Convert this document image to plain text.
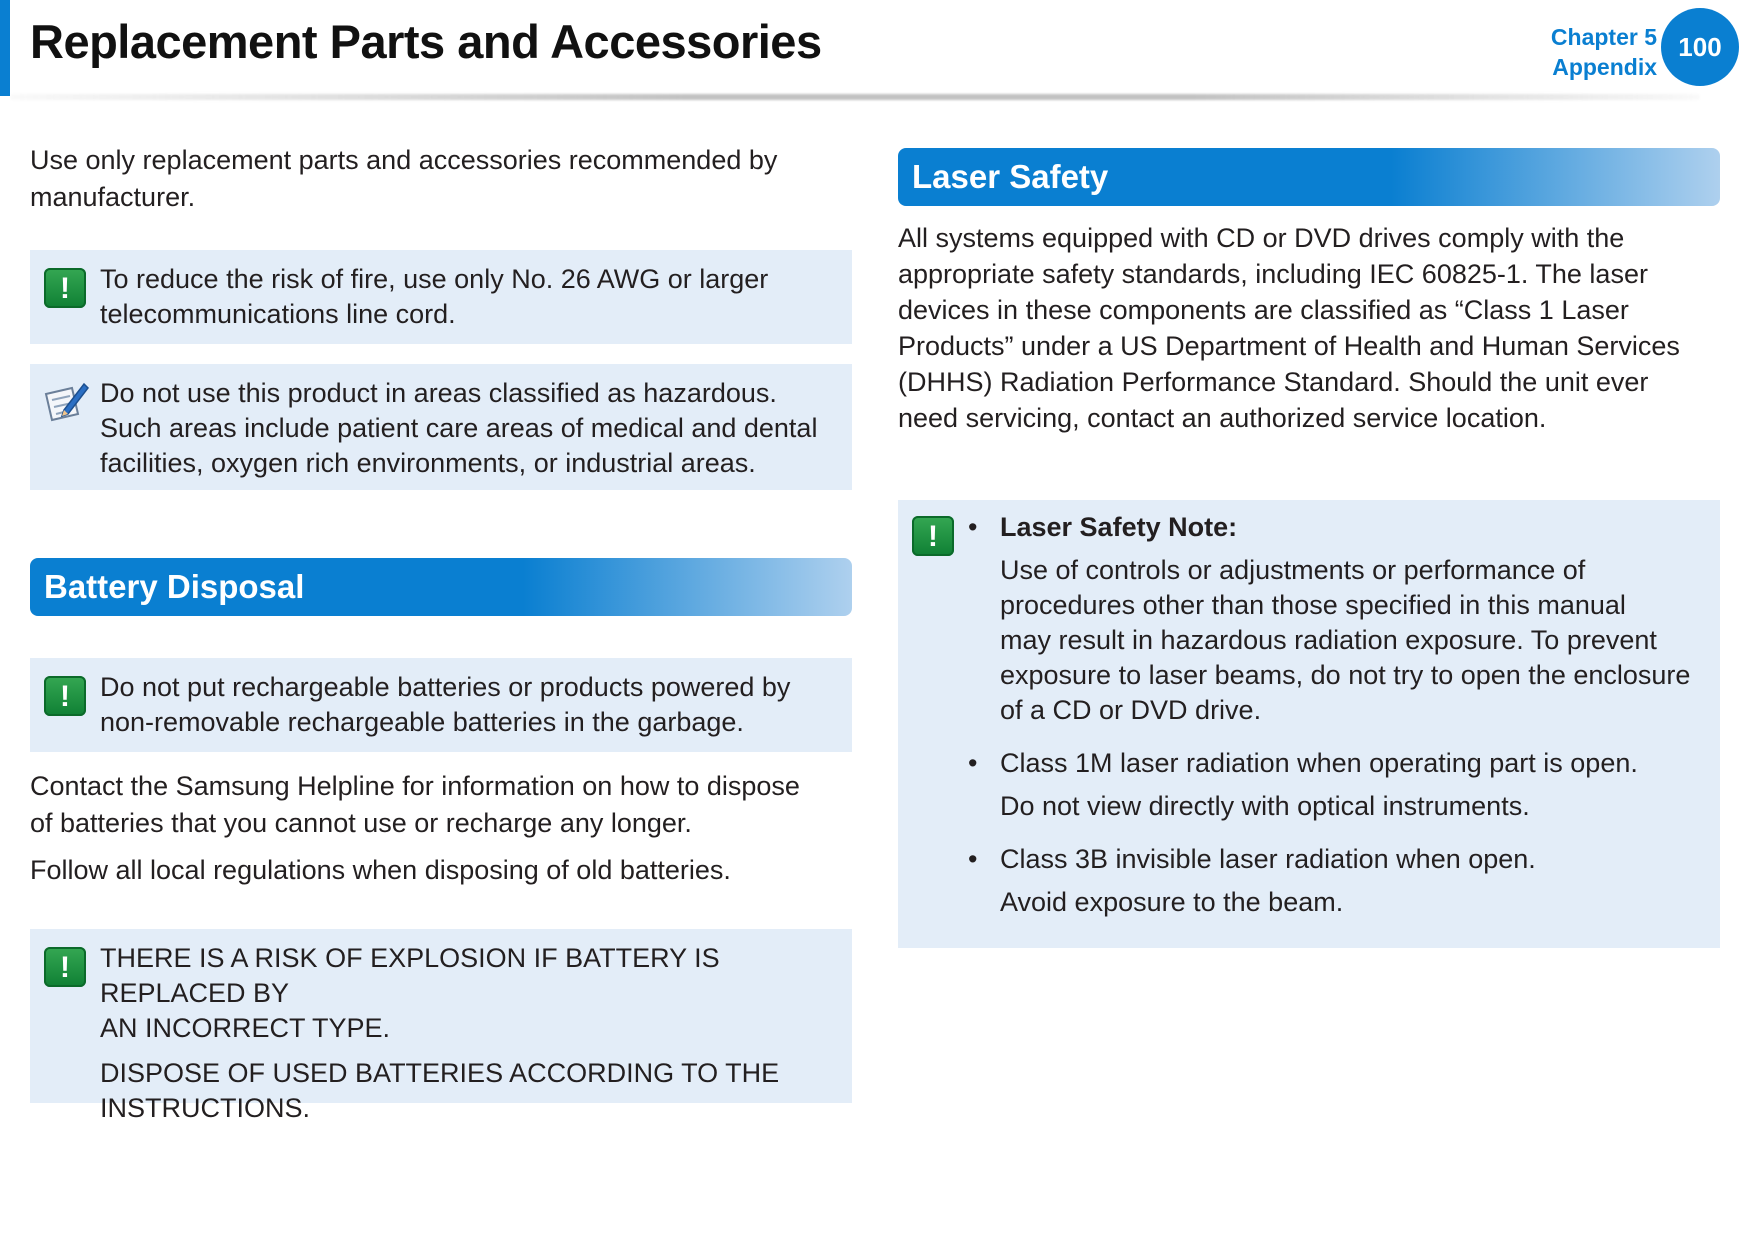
Replacement Parts and Accessories	Chapter 5
Appendix
100

Use only replacement parts and accessories recommended by manufacturer.

!	To reduce the risk of fire, use only No. 26 AWG or larger
telecommunications line cord.
Do not use this product in areas classified as hazardous.
Such areas include patient care areas of medical and dental
facilities, oxygen rich environments, or industrial areas.
Battery Disposal
!	Do not put rechargeable batteries or products powered by
non-removable rechargeable batteries in the garbage.
Contact the Samsung Helpline for information on how to dispose
of batteries that you cannot use or recharge any longer.

Follow all local regulations when disposing of old batteries.

!	THERE IS A RISK OF EXPLOSION IF BATTERY IS REPLACED BY
AN INCORRECT TYPE.
DISPOSE OF USED BATTERIES ACCORDING TO THE
INSTRUCTIONS.
Laser Safety
All systems equipped with CD or DVD drives comply with the
appropriate safety standards, including IEC 60825-1. The laser
devices in these components are classified as “Class 1 Laser
Products” under a US Department of Health and Human Services
(DHHS) Radiation Performance Standard. Should the unit ever
need servicing, contact an authorized service location.
!	• Laser Safety Note:
Use of controls or adjustments or performance of
procedures other than those specified in this manual
may result in hazardous radiation exposure. To prevent
exposure to laser beams, do not try to open the enclosure
of a CD or DVD drive.
• Class 1M laser radiation when operating part is open.
Do not view directly with optical instruments.
• Class 3B invisible laser radiation when open.
Avoid exposure to the beam.
